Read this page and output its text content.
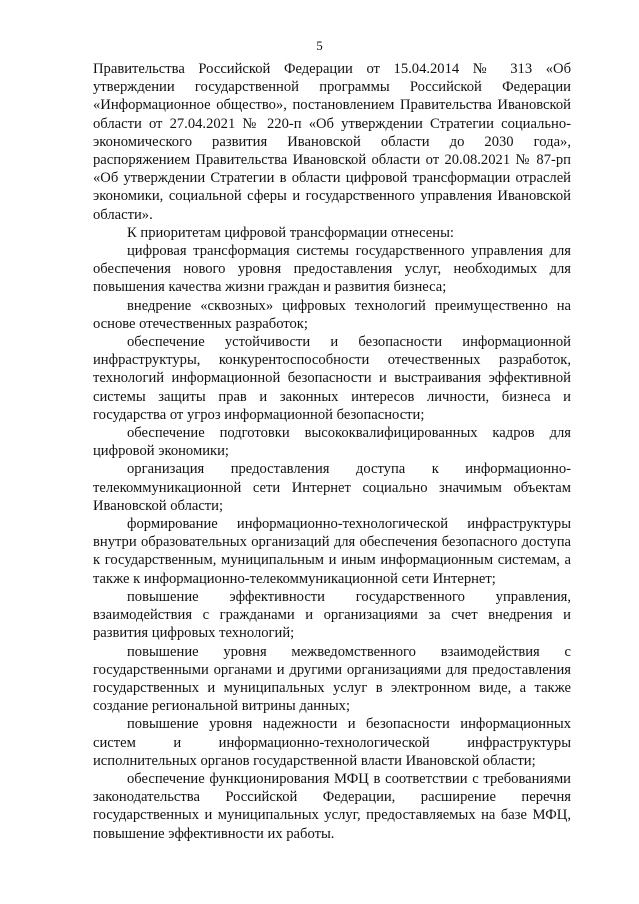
5

Правительства Российской Федерации от 15.04.2014 № 313 «Об утверждении государственной программы Российской Федерации «Информационное общество», постановлением Правительства Ивановской области от 27.04.2021 № 220-п «Об утверждении Стратегии социально-экономического развития Ивановской области до 2030 года», распоряжением Правительства Ивановской области от 20.08.2021 № 87-рп «Об утверждении Стратегии в области цифровой трансформации отраслей экономики, социальной сферы и государственного управления Ивановской области».

К приоритетам цифровой трансформации отнесены:

цифровая трансформация системы государственного управления для обеспечения нового уровня предоставления услуг, необходимых для повышения качества жизни граждан и развития бизнеса;

внедрение «сквозных» цифровых технологий преимущественно на основе отечественных разработок;

обеспечение устойчивости и безопасности информационной инфраструктуры, конкурентоспособности отечественных разработок, технологий информационной безопасности и выстраивания эффективной системы защиты прав и законных интересов личности, бизнеса и государства от угроз информационной безопасности;

обеспечение подготовки высококвалифицированных кадров для цифровой экономики;

организация предоставления доступа к информационно-телекоммуникационной сети Интернет социально значимым объектам Ивановской области;

формирование информационно-технологической инфраструктуры внутри образовательных организаций для обеспечения безопасного доступа к государственным, муниципальным и иным информационным системам, а также к информационно-телекоммуникационной сети Интернет;

повышение эффективности государственного управления, взаимодействия с гражданами и организациями за счет внедрения и развития цифровых технологий;

повышение уровня межведомственного взаимодействия с государственными органами и другими организациями для предоставления государственных и муниципальных услуг в электронном виде, а также создание региональной витрины данных;

повышение уровня надежности и безопасности информационных систем и информационно-технологической инфраструктуры исполнительных органов государственной власти Ивановской области;

обеспечение функционирования МФЦ в соответствии с требованиями законодательства Российской Федерации, расширение перечня государственных и муниципальных услуг, предоставляемых на базе МФЦ, повышение эффективности их работы.
